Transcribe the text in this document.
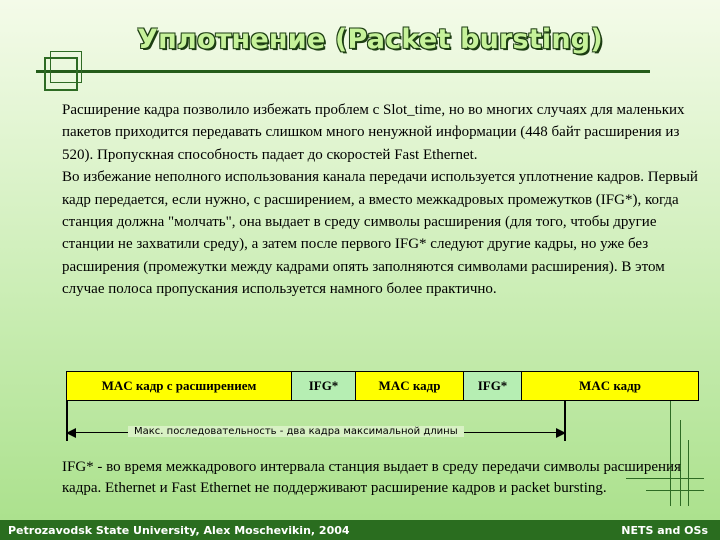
Уплотнение (Packet bursting)

Расширение кадра позволило избежать проблем с Slot_time, но во многих случаях для маленьких пакетов приходится передавать слишком много ненужной информации (448 байт расширения из 520). Пропускная способность падает до скоростей Fast Ethernet.

Во избежание неполного использования канала передачи используется уплотнение кадров. Первый кадр передается, если нужно, с расширением, а вместо межкадровых промежутков (IFG*), когда станция должна "молчать", она выдает в среду символы расширения (для того, чтобы другие станции не захватили среду), а затем после первого IFG* следуют другие кадры, но уже без расширения (промежутки между кадрами опять заполняются символами расширения). В этом случае полоса пропускания используется намного более практично.

MAC кадр с расширением	IFG*	MAC кадр	IFG*	MAC кадр
Макс. последовательность - два кадра максимальной длины
IFG* - во время межкадрового интервала станция выдает в среду передачи символы расширения кадра. Ethernet и Fast Ethernet не поддерживают расширение кадров и packet bursting.
Petrozavodsk State University, Alex Moschevikin, 2004	NETS and OSs
